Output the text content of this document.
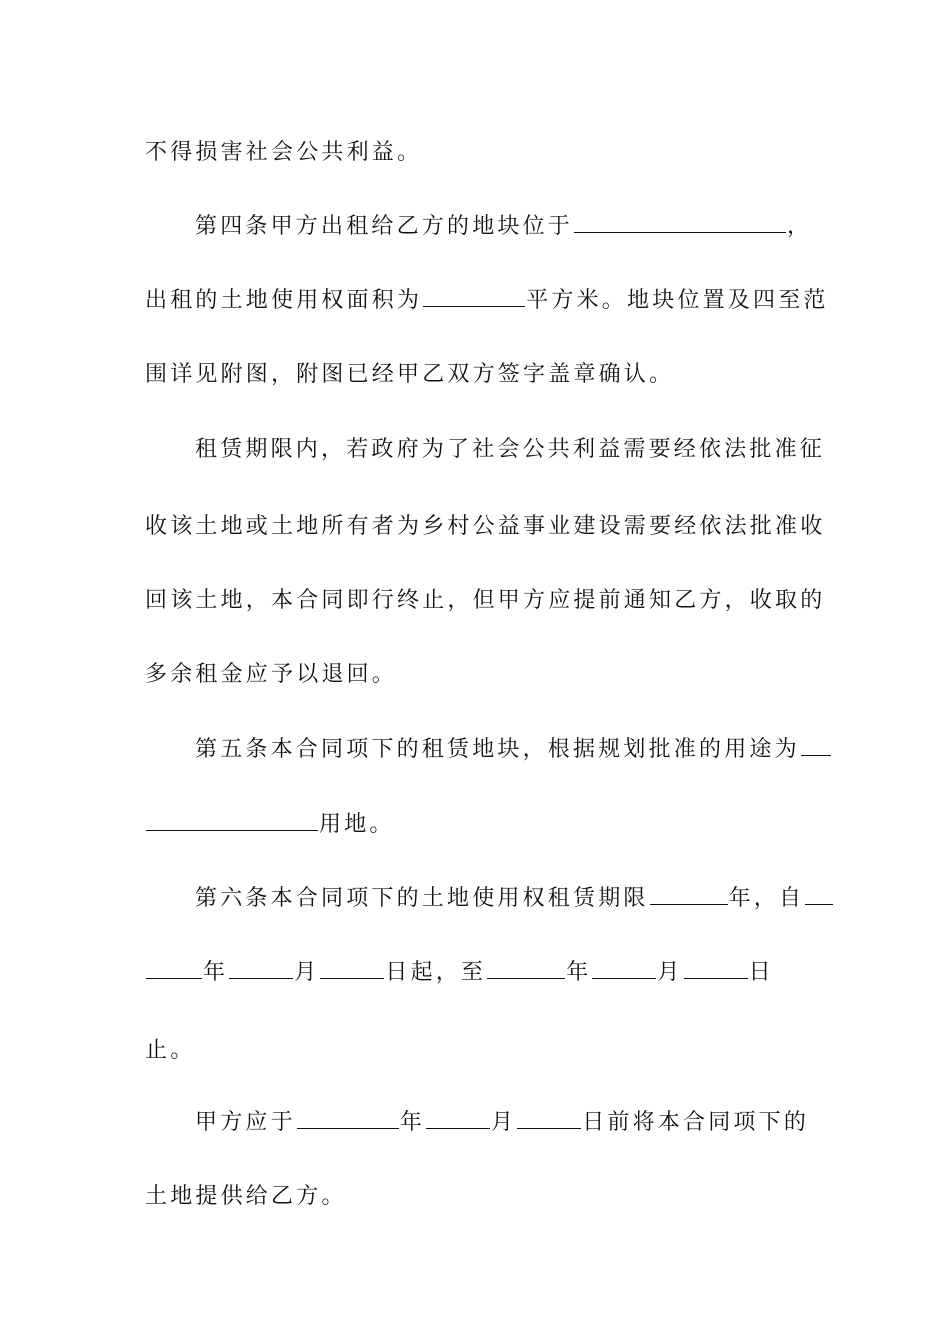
不得损害社会公共利益。
第四条甲方出租给乙方的地块位于	，
出租的土地使用权面积为	平方米。地块位置及四至范
围详见附图，附图已经甲乙双方签字盖章确认。
租赁期限内，若政府为了社会公共利益需要经依法批准征
收该土地或土地所有者为乡村公益事业建设需要经依法批准收
回该土地，本合同即行终止，但甲方应提前通知乙方，收取的
多余租金应予以退回。
第五条本合同项下的租赁地块，根据规划批准的用途为
用地。
第六条本合同项下的土地使用权租赁期限	年，自
年	月	日起，至	年	月	日
止。
甲方应于	年	月	日前将本合同项下的
土地提供给乙方。
